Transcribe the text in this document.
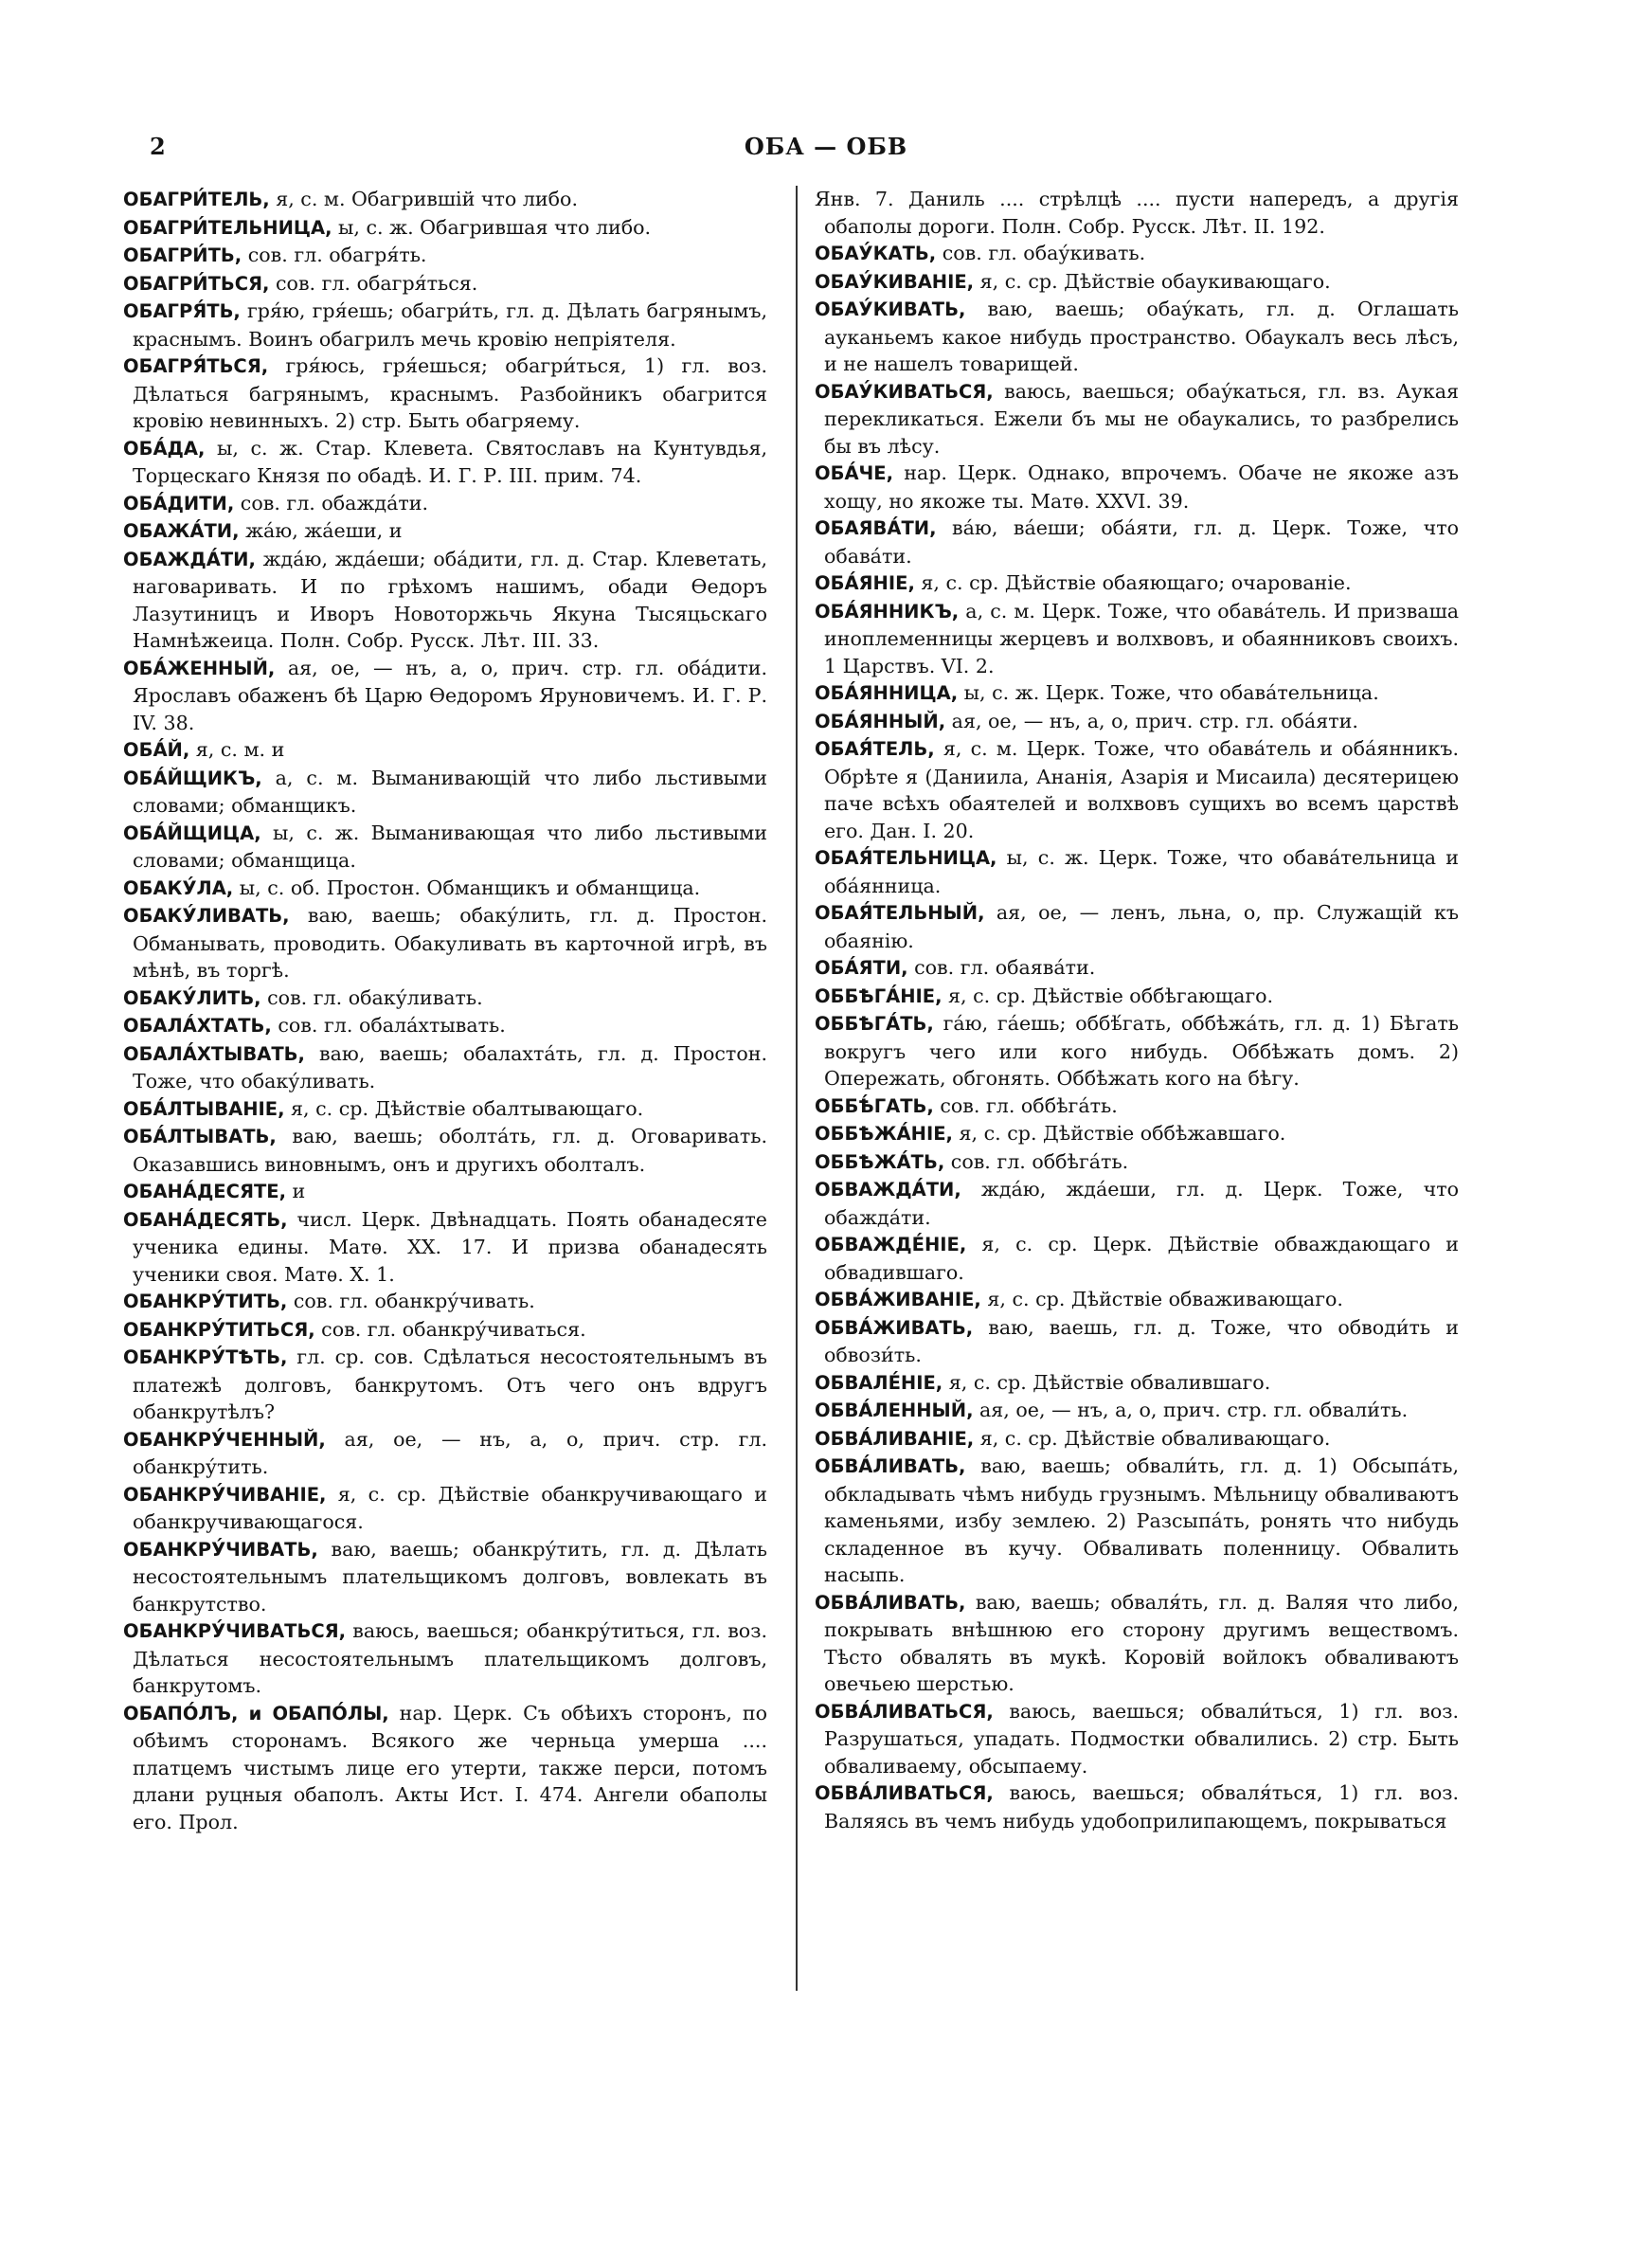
2	ОБА — ОБВ
ОБАГРИ́ТЕЛЬ, я, с. м. Обагрившій что либо.
ОБАГРИ́ТЕЛЬНИЦА, ы, с. ж. Обагрившая что либо.
ОБАГРИ́ТЬ, сов. гл. обагря́ть.
ОБАГРИ́ТЬСЯ, сов. гл. обагря́ться.
ОБАГРЯ́ТЬ, гря́ю, гря́ешь; обагри́ть, гл. д. Дѣлать багрянымъ, краснымъ. Воинъ обагрилъ мечь кровію непріятеля.
ОБАГРЯ́ТЬСЯ, гря́юсь, гря́ешься; обагри́ться, 1) гл. воз. Дѣлаться багрянымъ, краснымъ. Разбойникъ обагрится кровію невинныхъ. 2) стр. Быть обагряему.
ОБА́ДА, ы, с. ж. Стар. Клевета. Святославъ на Кунтувдья, Торцескаго Князя по обадѣ. И. Г. Р. III. прим. 74.
ОБА́ДИТИ, сов. гл. обажда́ти.
ОБАЖА́ТИ, жа́ю, жа́еши, и
ОБАЖДА́ТИ, жда́ю, жда́еши; оба́дити, гл. д. Стар. Клеветать, наговаривать. И по грѣхомъ нашимъ, обади Ѳедоръ Лазутиницъ и Иворъ Новоторжьчь Якуна Тысяцьскаго Намнѣжеица. Полн. Собр. Русск. Лѣт. III. 33.
ОБА́ЖЕННЫЙ, ая, ое, — нъ, а, о, прич. стр. гл. оба́дити. Ярославъ обаженъ бѣ Царю Ѳедоромъ Яруновичемъ. И. Г. Р. IV. 38.
ОБА́Й, я, с. м. и
ОБА́ЙЩИКЪ, а, с. м. Выманивающій что либо льстивыми словами; обманщикъ.
ОБА́ЙЩИЦА, ы, с. ж. Выманивающая что либо льстивыми словами; обманщица.
ОБАКУ́ЛА, ы, с. об. Простон. Обманщикъ и обманщица.
ОБАКУ́ЛИВАТЬ, ваю, ваешь; обаку́лить, гл. д. Простон. Обманывать, проводить. Обакуливать въ карточной игрѣ, въ мѣнѣ, въ торгѣ.
ОБАКУ́ЛИТЬ, сов. гл. обаку́ливать.
ОБАЛА́ХТАТЬ, сов. гл. обала́хтывать.
ОБАЛА́ХТЫВАТЬ, ваю, ваешь; обалахта́ть, гл. д. Простон. Тоже, что обаку́ливать.
ОБА́ЛТЫВАНІЕ, я, с. ср. Дѣйствіе обалтывающаго.
ОБА́ЛТЫВАТЬ, ваю, ваешь; оболта́ть, гл. д. Оговаривать. Оказавшись виновнымъ, онъ и другихъ оболталъ.
ОБАНА́ДЕСЯТЕ, и
ОБАНА́ДЕСЯТЬ, числ. Церк. Двѣнадцать. Поять обанадесяте ученика едины. Матѳ. XX. 17. И призва обанадесять ученики своя. Матѳ. X. 1.
ОБАНКРУ́ТИТЬ, сов. гл. обанкру́чивать.
ОБАНКРУ́ТИТЬСЯ, сов. гл. обанкру́чиваться.
ОБАНКРУ́ТѢТЬ, гл. ср. сов. Сдѣлаться несостоятельнымъ въ платежѣ долговъ, банкрутомъ. Отъ чего онъ вдругъ обанкрутѣлъ?
ОБАНКРУ́ЧЕННЫЙ, ая, ое, — нъ, а, о, прич. стр. гл. обанкру́тить.
ОБАНКРУ́ЧИВАНІЕ, я, с. ср. Дѣйствіе обанкручивающаго и обанкручивающагося.
ОБАНКРУ́ЧИВАТЬ, ваю, ваешь; обанкру́тить, гл. д. Дѣлать несостоятельнымъ плательщикомъ долговъ, вовлекать въ банкрутство.
ОБАНКРУ́ЧИВАТЬСЯ, ваюсь, ваешься; обанкру́титься, гл. воз. Дѣлаться несостоятельнымъ плательщикомъ долговъ, банкрутомъ.
ОБАПО́ЛЪ, и ОБАПО́ЛЫ, нар. Церк. Съ обѣихъ сторонъ, по обѣимъ сторонамъ. Всякого же черньца умерша .... платцемъ чистымъ лице его утерти, также перси, потомъ длани руцныя обаполъ. Акты Ист. I. 474. Ангели обаполы его. Прол.
Янв. 7. Даниль .... стрѣлцѣ .... пусти напередъ, а другія обаполы дороги. Полн. Собр. Русск. Лѣт. II. 192.
ОБАУ́КАТЬ, сов. гл. обау́кивать.
ОБАУ́КИВАНІЕ, я, с. ср. Дѣйствіе обаукивающаго.
ОБАУ́КИВАТЬ, ваю, ваешь; обау́кать, гл. д. Оглашать ауканьемъ какое нибудь пространство. Обаукалъ весь лѣсъ, и не нашелъ товарищей.
ОБАУ́КИВАТЬСЯ, ваюсь, ваешься; обау́каться, гл. вз. Аукая перекликаться. Ежели бъ мы не обаукались, то разбрелись бы въ лѣсу.
ОБА́ЧЕ, нар. Церк. Однако, впрочемъ. Обаче не якоже азъ хощу, но якоже ты. Матѳ. XXVI. 39.
ОБАЯВА́ТИ, ва́ю, ва́еши; оба́яти, гл. д. Церк. Тоже, что обава́ти.
ОБА́ЯНІЕ, я, с. ср. Дѣйствіе обаяющаго; очарованіе.
ОБА́ЯННИКЪ, а, с. м. Церк. Тоже, что обава́тель. И призваша иноплеменницы жерцевъ и волхвовъ, и обаянниковъ своихъ. 1 Царствъ. VI. 2.
ОБА́ЯННИЦА, ы, с. ж. Церк. Тоже, что обава́тельница.
ОБА́ЯННЫЙ, ая, ое, — нъ, а, о, прич. стр. гл. оба́яти.
ОБАЯ́ТЕЛЬ, я, с. м. Церк. Тоже, что обава́тель и оба́янникъ. Обрѣте я (Даниила, Ананія, Азарія и Мисаила) десятерицею паче всѣхъ обаятелей и волхвовъ сущихъ во всемъ царствѣ его. Дан. I. 20.
ОБАЯ́ТЕЛЬНИЦА, ы, с. ж. Церк. Тоже, что обава́тельница и оба́янница.
ОБАЯ́ТЕЛЬНЫЙ, ая, ое, — ленъ, льна, о, пр. Служащій къ обаянію.
ОБА́ЯТИ, сов. гл. обаява́ти.
ОББѢГА́НІЕ, я, с. ср. Дѣйствіе оббѣгающаго.
ОББѢГА́ТЬ, га́ю, га́ешь; оббѣ́гать, оббѣжа́ть, гл. д. 1) Бѣгать вокругъ чего или кого нибудь. Оббѣжать домъ. 2) Опережать, обгонять. Оббѣжать кого на бѣгу.
ОББѢ́ГАТЬ, сов. гл. оббѣга́ть.
ОББѢЖА́НІЕ, я, с. ср. Дѣйствіе оббѣжавшаго.
ОББѢЖА́ТЬ, сов. гл. оббѣга́ть.
ОБВАЖДА́ТИ, жда́ю, жда́еши, гл. д. Церк. Тоже, что обажда́ти.
ОБВАЖДЕ́НІЕ, я, с. ср. Церк. Дѣйствіе обваждающаго и обвадившаго.
ОБВА́ЖИВАНІЕ, я, с. ср. Дѣйствіе обваживающаго.
ОБВА́ЖИВАТЬ, ваю, ваешь, гл. д. Тоже, что обводи́ть и обвози́ть.
ОБВАЛЕ́НІЕ, я, с. ср. Дѣйствіе обвалившаго.
ОБВА́ЛЕННЫЙ, ая, ое, — нъ, а, о, прич. стр. гл. обвали́ть.
ОБВА́ЛИВАНІЕ, я, с. ср. Дѣйствіе обваливающаго.
ОБВА́ЛИВАТЬ, ваю, ваешь; обвали́ть, гл. д. 1) Обсыпа́ть, обкладывать чѣмъ нибудь грузнымъ. Мѣльницу обваливаютъ каменьями, избу землею. 2) Разсыпа́ть, ронять что нибудь складенное въ кучу. Обваливать поленницу. Обвалить насыпь.
ОБВА́ЛИВАТЬ, ваю, ваешь; обваля́ть, гл. д. Валяя что либо, покрывать внѣшнюю его сторону другимъ веществомъ. Тѣсто обвалять въ мукѣ. Коровій войлокъ обваливаютъ овечьею шерстью.
ОБВА́ЛИВАТЬСЯ, ваюсь, ваешься; обвали́ться, 1) гл. воз. Разрушаться, упадать. Подмостки обвалились. 2) стр. Быть обваливаему, обсыпаему.
ОБВА́ЛИВАТЬСЯ, ваюсь, ваешься; обваля́ться, 1) гл. воз. Валяясь въ чемъ нибудь удобоприлипающемъ, покрываться
